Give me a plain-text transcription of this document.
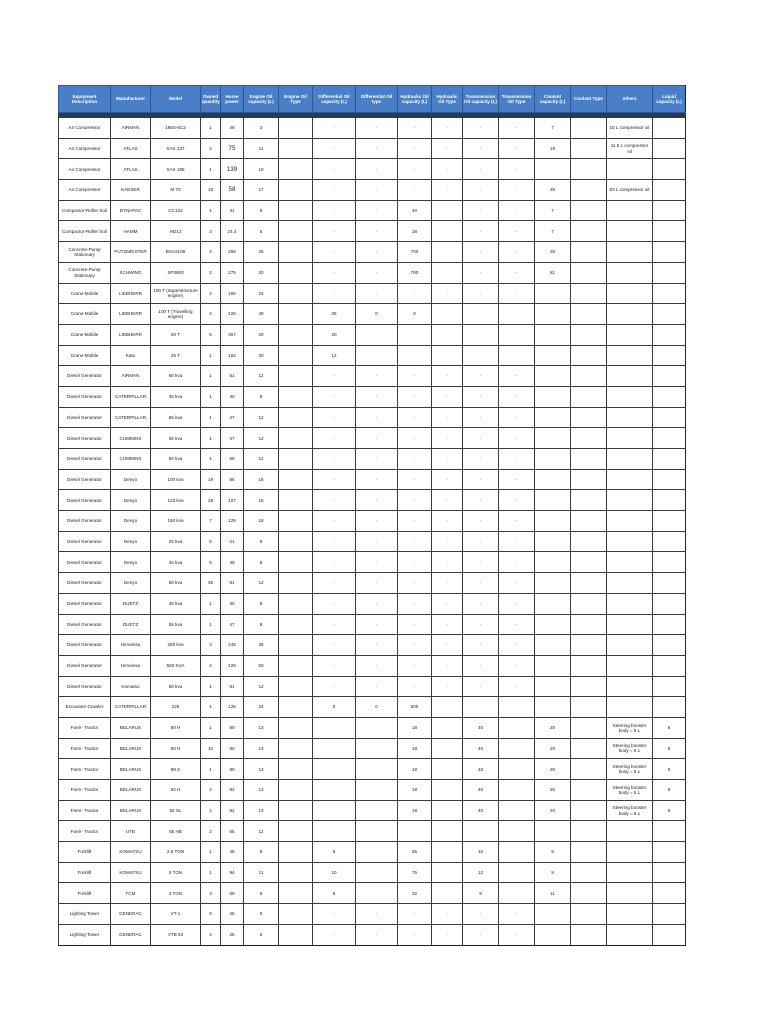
Equipment Description	Manufacturer	Model	Owned quantity	Horse power	Engine Oil capacity (L)	Engine Oil Type	Differential Oil capacity (L)	Differential Oil type	Hydraulic Oil capacity (L)	Hydraulic Oil Type	Transmission Oil capacity (L)	Transmission Oil Type	Coolant capacity (L)	Coolant Type	others	Liquid capacity (L)

Air Compressor	AIRMAN	185S-6C2	1	49	3		-	-	-	-	-	-	7		15 L compressor oil	
Air Compressor	ATLAS	XAS 137	2	75	11		-	-	-	-	-	-	19		11.5 L compressor oil	
Air Compressor	ATLAS	XAS 186	1	139	10		-	-	-	-	-	-				
Air Compressor	KAESER	M 70	19	58	17		-	-	-	-	-	-	35		83 L compressor oil	
Compactor-Roller Soil	DYNAPAC	CC122	1	31	5		-	-	40		-	-	7			
Compactor-Roller Soil	HAMM	HD12	3	24.4	5		-	-	28		-	-	7			
Concrete-Pump Stationary	PUTZMEISTER	BSA2109	2	268	26		-	-	700		-	-	30			
Concrete-Pump Stationary	SCHWING	SP3800	2	275	20		-	-	700		-	-	81			
Crane-Mobile	LIEBHERR	100 T (Superstructure engine)	2	165	24		-	-	-	-	-	-				
Crane-Mobile	LIEBHERR	100 T (Travelling engine)	2	420	40		25	0	0							
Crane-Mobile	LIEBHERR	60 T	5	367	20		20									
Crane-Mobile	Kato	25 T	1	182	20		12									
Diesel Generator	AIRMAN	60 kva	1	51	12		-	-	-	-	-	-				
Diesel Generator	CATERPILLAR	35 kva	1	30	8		-	-	-	-	-	-				
Diesel Generator	CATERPILLAR	55 kva	1	47	12		-	-	-	-	-	-				
Diesel Generator	CUMMINS	55 kva	1	47	12		-	-	-	-	-	-				
Diesel Generator	CUMMINS	80 kva	1	68	12		-	-	-	-	-	-				
Diesel Generator	Denyo	100 kva	19	86	16		-	-	-	-	-	-				
Diesel Generator	Denyo	125 kva	28	107	16		-	-	-	-	-	-				
Diesel Generator	Denyo	150 kva	7	129	18		-	-	-	-	-	-				
Diesel Generator	Denyo	25 kva	5	21	8		-	-	-	-	-	-				
Diesel Generator	Denyo	45 kva	8	39	8		-	-	-	-	-	-				
Diesel Generator	Denyo	60 kva	35	51	12		-	-	-	-	-	-				
Diesel Generator	DUETZ	35 kva	1	30	8		-	-	-	-	-	-				
Diesel Generator	DUETZ	55 kva	1	47	8		-	-	-	-	-	-				
Diesel Generator	Himoinsa	285 kva	3	245	36		-	-	-	-	-	-				
Diesel Generator	Himoinsa	500 KVA	4	429	50		-	-	-	-	-	-				
Diesel Generator	Komatsu	60 kva	1	51	12		-	-	-	-	-	-				
Excavator-Crawler	CATERPILLAR	225	1	125	24		0	0	500							
Farm- Tractor	BELARUS	80 H	1	80	13				18		40		20		Steering booster body = 6 L	6
Farm- Tractor	BELARUS	90 H	10	90	13				18		40		20		Steering booster body = 6 L	6
Farm- Tractor	BELARUS	90 S	1	90	13				18		40		20		Steering booster body = 6 L	6
Farm- Tractor	BELARUS	92 H	2	92	13				18		40		20		Steering booster body = 6 L	6
Farm- Tractor	BELARUS	92 SL	2	92	13				18		40		20		Steering booster body = 6 L	6
Farm- Tractor	UTB	65 HB	2	65	12											
Forklift	KOMATSU	2.5 TON	1	46	8		6		55		10		9			
Forklift	KOMATSU	5 TON	1	94	11		10		75		12		9			
Forklift	TCM	3 TON	3	60	5		8		32		9		11			
Lighting Tower	GENERAC	VT-1	9	25	6		-	-	-	-	-	-				
Lighting Tower	GENERAC	VTB 63	4	25	6		-	-	-	-	-	-				
